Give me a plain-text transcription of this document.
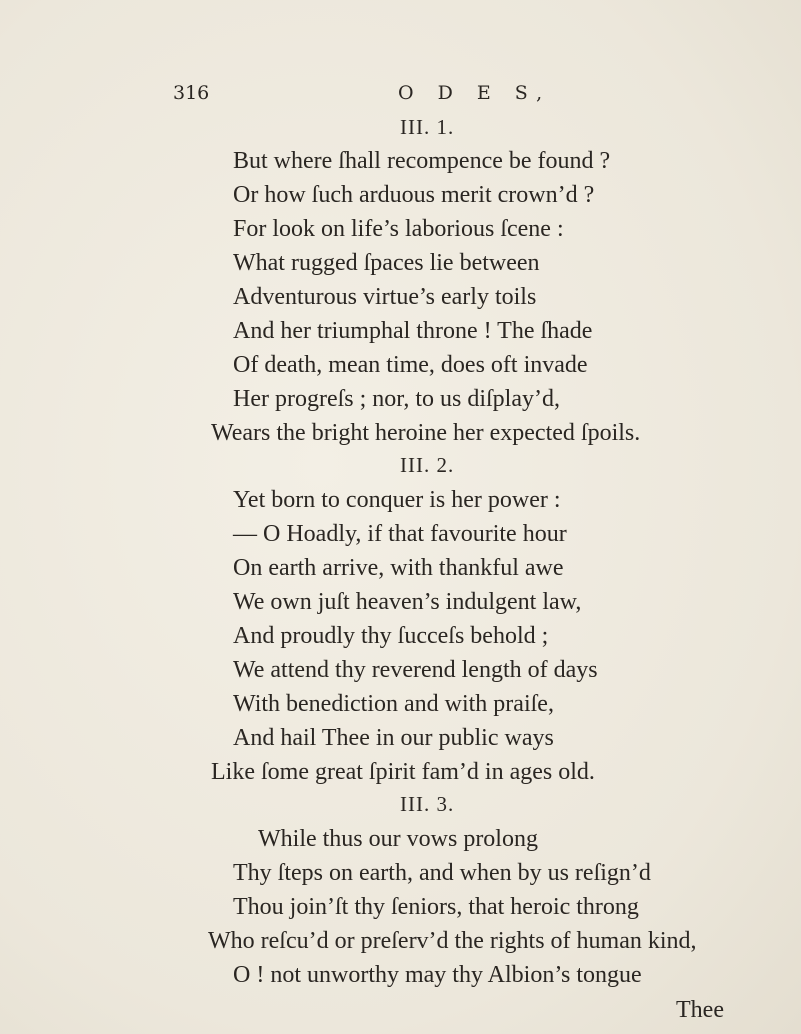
316	O D E S,
III. 1.
But where ſhall recompence be found ?
Or how ſuch arduous merit crown’d ?
For look on life’s laborious ſcene :
What rugged ſpaces lie between
Adventurous virtue’s early toils
And her triumphal throne ! The ſhade
Of death, mean time, does oft invade
Her progreſs ; nor, to us diſplay’d,
Wears the bright heroine her expected ſpoils.
III. 2.
Yet born to conquer is her power :
— O Hoadly, if that favourite hour
On earth arrive, with thankful awe
We own juſt heaven’s indulgent law,
And proudly thy ſucceſs behold ;
We attend thy reverend length of days
With benediction and with praiſe,
And hail Thee in our public ways
Like ſome great ſpirit fam’d in ages old.
III. 3.
While thus our vows prolong
Thy ſteps on earth, and when by us reſign’d
Thou join’ſt thy ſeniors, that heroic throng
Who reſcu’d or preſerv’d the rights of human kind,
O ! not unworthy may thy Albion’s tongue
Thee
